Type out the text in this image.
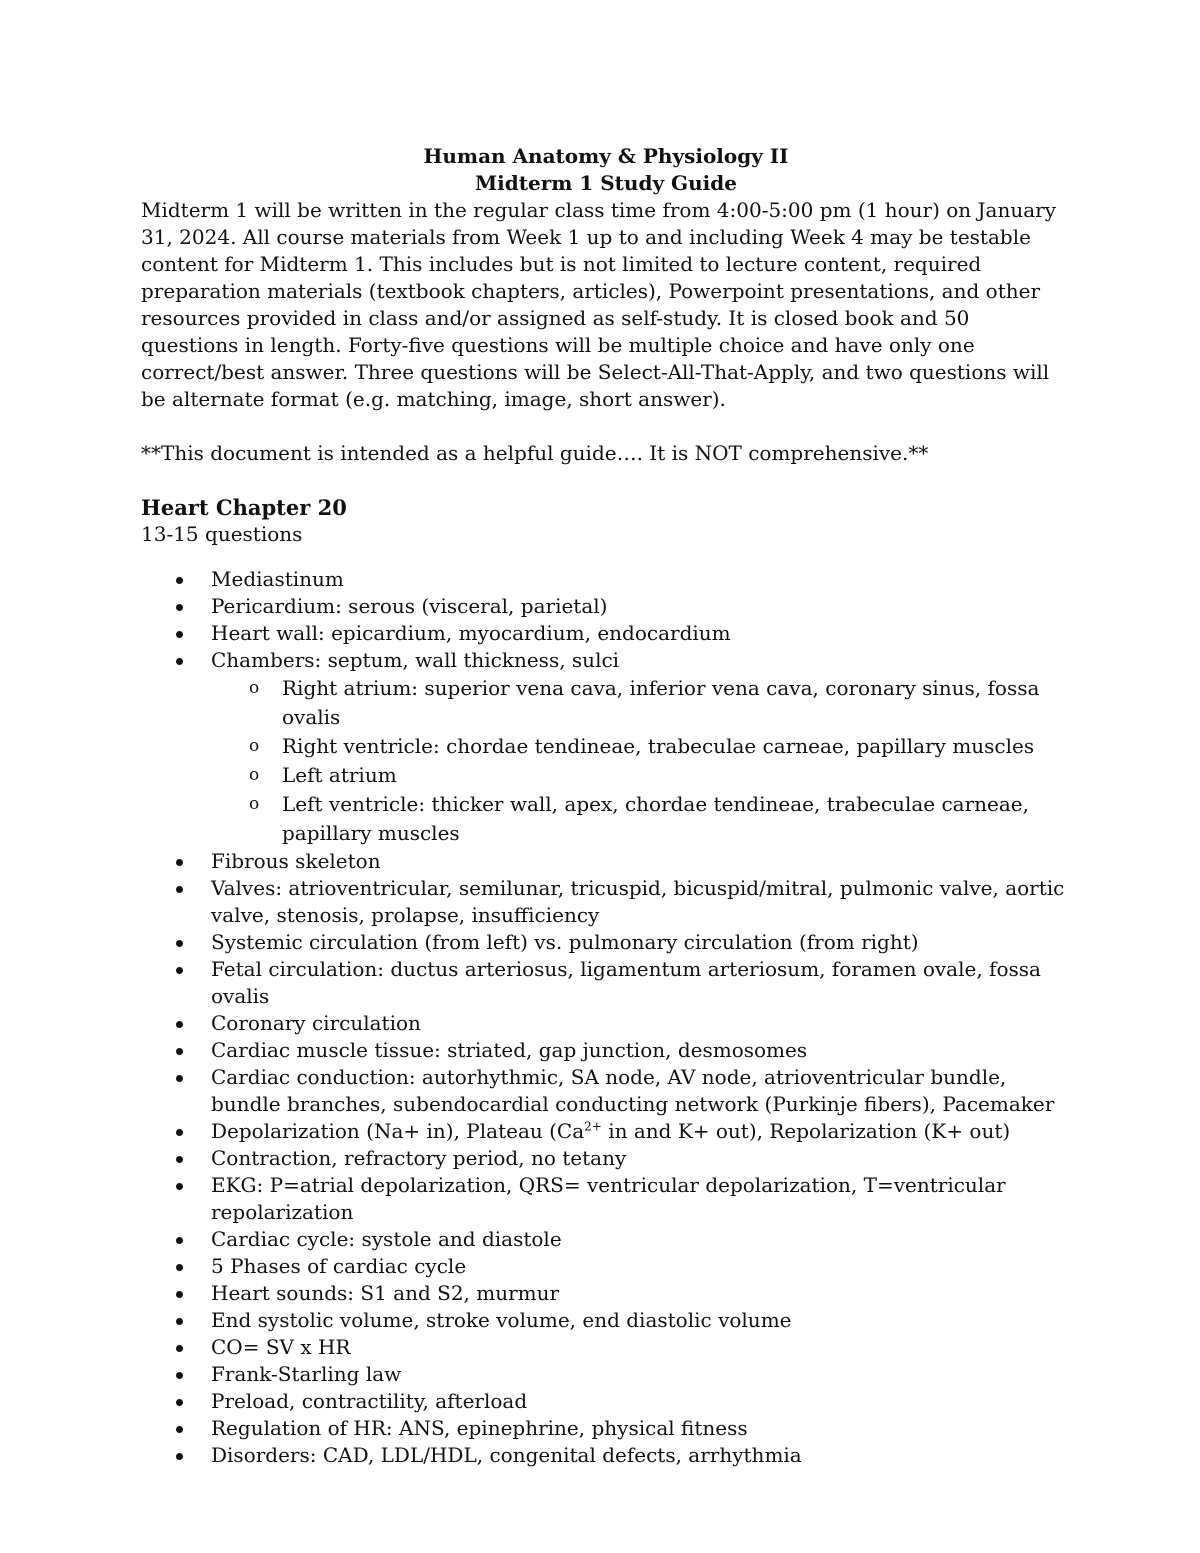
Human Anatomy & Physiology II
Midterm 1 Study Guide

Midterm 1 will be written in the regular class time from 4:00-5:00 pm (1 hour) on January 31, 2024. All course materials from Week 1 up to and including Week 4 may be testable content for Midterm 1. This includes but is not limited to lecture content, required preparation materials (textbook chapters, articles), Powerpoint presentations, and other resources provided in class and/or assigned as self-study. It is closed book and 50 questions in length. Forty-five questions will be multiple choice and have only one correct/best answer. Three questions will be Select-All-That-Apply, and two questions will be alternate format (e.g. matching, image, short answer).

**This document is intended as a helpful guide…. It is NOT comprehensive.**
Heart Chapter 20
13-15 questions
Mediastinum
Pericardium: serous (visceral, parietal)
Heart wall: epicardium, myocardium, endocardium
Chambers: septum, wall thickness, sulci
o Right atrium: superior vena cava, inferior vena cava, coronary sinus, fossa ovalis
o Right ventricle: chordae tendineae, trabeculae carneae, papillary muscles
o Left atrium
o Left ventricle: thicker wall, apex, chordae tendineae, trabeculae carneae, papillary muscles
Fibrous skeleton
Valves: atrioventricular, semilunar, tricuspid, bicuspid/mitral, pulmonic valve, aortic valve, stenosis, prolapse, insufficiency
Systemic circulation (from left) vs. pulmonary circulation (from right)
Fetal circulation: ductus arteriosus, ligamentum arteriosum, foramen ovale, fossa ovalis
Coronary circulation
Cardiac muscle tissue: striated, gap junction, desmosomes
Cardiac conduction: autorhythmic, SA node, AV node, atrioventricular bundle, bundle branches, subendocardial conducting network (Purkinje fibers), Pacemaker
Depolarization (Na+ in), Plateau ($Ca^{2+}$ in and K+ out), Repolarization (K+ out)
Contraction, refractory period, no tetany
EKG: P=atrial depolarization, QRS= ventricular depolarization, T=ventricular repolarization
Cardiac cycle: systole and diastole
5 Phases of cardiac cycle
Heart sounds: S1 and S2, murmur
End systolic volume, stroke volume, end diastolic volume
CO= SV x HR
Frank-Starling law
Preload, contractility, afterload
Regulation of HR: ANS, epinephrine, physical fitness
Disorders: CAD, LDL/HDL, congenital defects, arrhythmia
